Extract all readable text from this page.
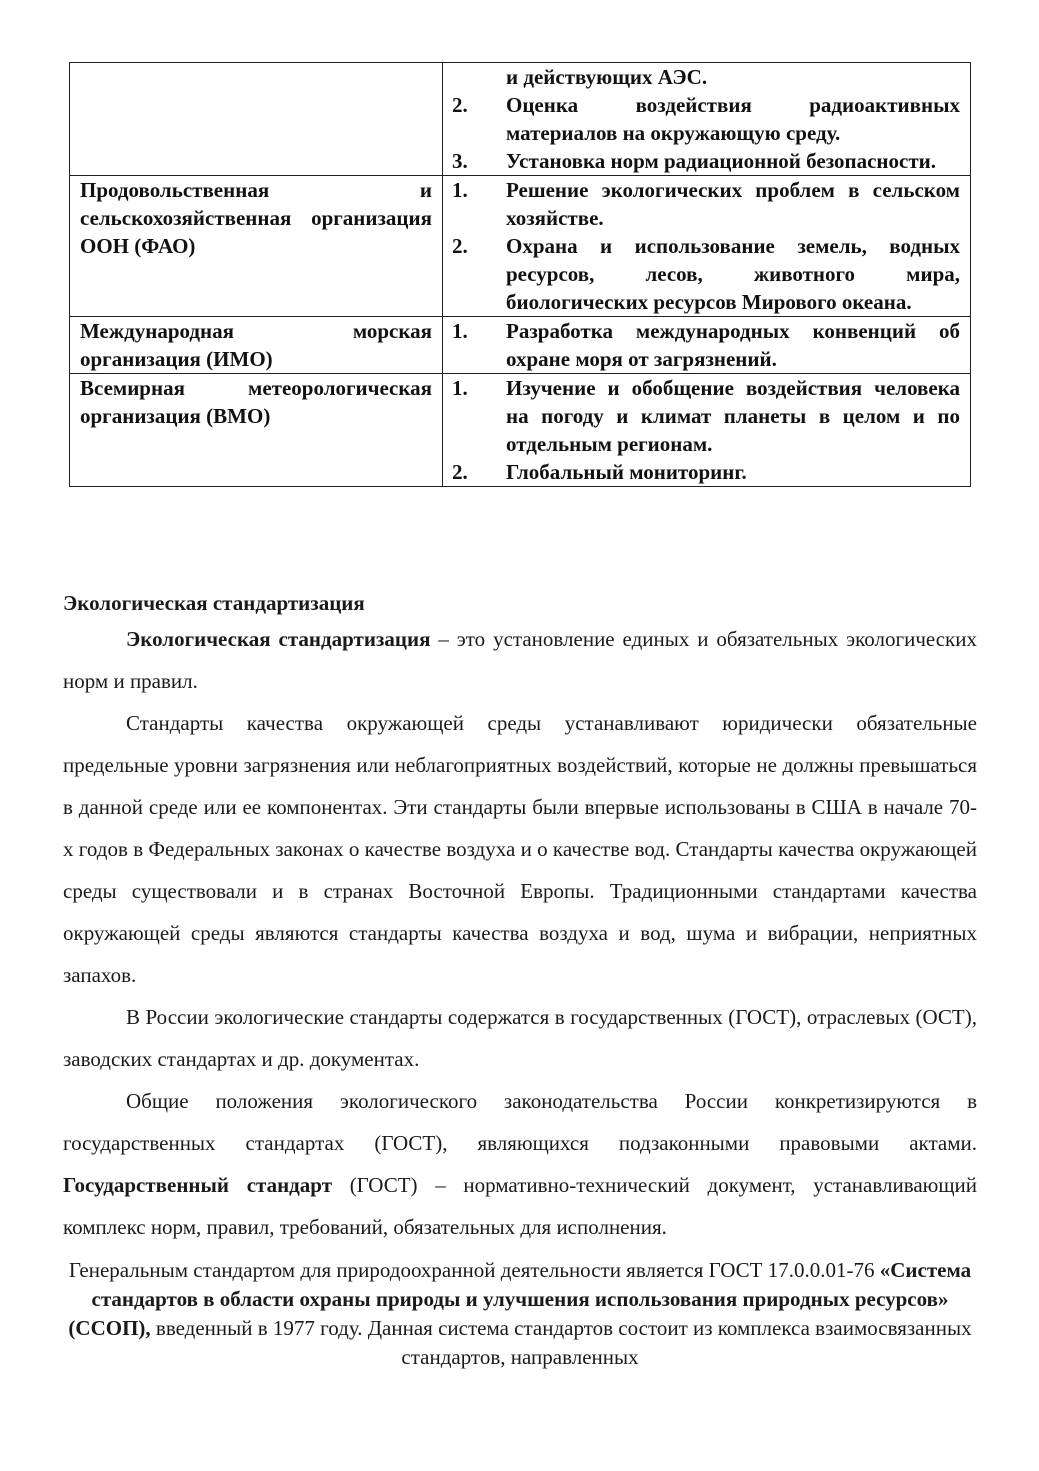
	и действующих АЭС.
2. Оценка воздействия радиоактивных материалов на окружающую среду.
3. Установка норм радиационной безопасности.

Продовольственная и сельскохозяйственная организация ООН (ФАО)	1. Решение экологических проблем в сельском хозяйстве.
2. Охрана и использование земель, водных ресурсов, лесов, животного мира, биологических ресурсов Мирового океана.

Международная морская организация (ИМО)	1. Разработка международных конвенций об охране моря от загрязнений.

Всемирная метеорологическая организация (ВМО)	1. Изучение и обобщение воздействия человека на погоду и климат планеты в целом и по отдельным регионам.
2. Глобальный мониторинг.

Экологическая стандартизация

Экологическая стандартизация – это установление единых и обязательных экологических норм и правил.

Стандарты качества окружающей среды устанавливают юридически обязательные предельные уровни загрязнения или неблагоприятных воздействий, которые не должны превышаться в данной среде или ее компонентах. Эти стандарты были впервые использованы в США в начале 70-х годов в Федеральных законах о качестве воздуха и о качестве вод. Стандарты качества окружающей среды существовали и в странах Восточной Европы. Традиционными стандартами качества окружающей среды являются стандарты качества воздуха и вод, шума и вибрации, неприятных запахов.

В России экологические стандарты содержатся в государственных (ГОСТ), отраслевых (ОСТ), заводских стандартах и др. документах.

Общие положения экологического законодательства России конкретизируются в государственных стандартах (ГОСТ), являющихся подзаконными правовыми актами. Государственный стандарт (ГОСТ) – нормативно-технический документ, устанавливающий комплекс норм, правил, требований, обязательных для исполнения.

Генеральным стандартом для природоохранной деятельности является ГОСТ 17.0.0.01-76 «Система стандартов в области охраны природы и улучшения использования природных ресурсов» (ССОП), введенный в 1977 году. Данная система стандартов состоит из комплекса взаимосвязанных стандартов, направленных
